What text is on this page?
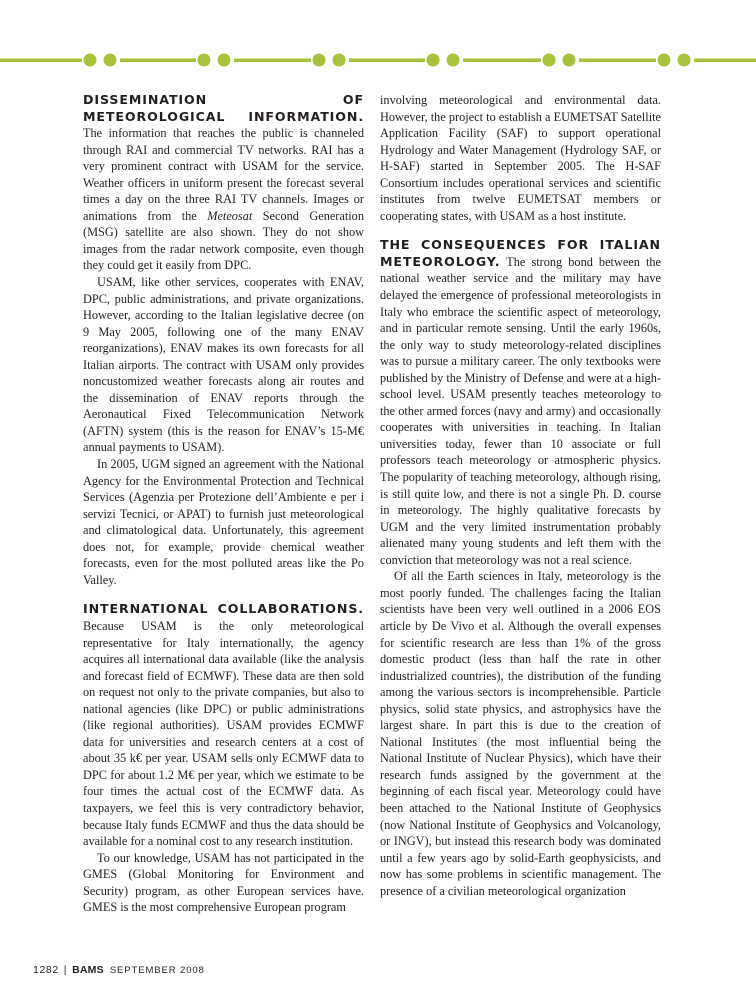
DISSEMINATION OF METEOROLOGICAL INFORMATION. The information that reaches the public is channeled through RAI and commercial TV networks. RAI has a very prominent contract with USAM for the service. Weather officers in uniform present the forecast several times a day on the three RAI TV channels. Images or animations from the Meteosat Second Generation (MSG) satellite are also shown. They do not show images from the radar network composite, even though they could get it easily from DPC.

USAM, like other services, cooperates with ENAV, DPC, public administrations, and private organizations. However, according to the Italian legislative decree (on 9 May 2005, following one of the many ENAV reorganizations), ENAV makes its own forecasts for all Italian airports. The contract with USAM only provides noncustomized weather forecasts along air routes and the dissemination of ENAV reports through the Aeronautical Fixed Telecommunication Network (AFTN) system (this is the reason for ENAV’s 15-M€ annual payments to USAM).

In 2005, UGM signed an agreement with the National Agency for the Environmental Protection and Technical Services (Agenzia per Protezione dell’Ambiente e per i servizi Tecnici, or APAT) to furnish just meteorological and climatological data. Unfortunately, this agreement does not, for example, provide chemical weather forecasts, even for the most polluted areas like the Po Valley.

INTERNATIONAL COLLABORATIONS. Because USAM is the only meteorological representative for Italy internationally, the agency acquires all international data available (like the analysis and forecast field of ECMWF). These data are then sold on request not only to the private companies, but also to national agencies (like DPC) or public administrations (like regional authorities). USAM provides ECMWF data for universities and research centers at a cost of about 35 k€ per year. USAM sells only ECMWF data to DPC for about 1.2 M€ per year, which we estimate to be four times the actual cost of the ECMWF data. As taxpayers, we feel this is very contradictory behavior, because Italy funds ECMWF and thus the data should be available for a nominal cost to any research institution.

To our knowledge, USAM has not participated in the GMES (Global Monitoring for Environment and Security) program, as other European services have. GMES is the most comprehensive European program

involving meteorological and environmental data. However, the project to establish a EUMETSAT Satellite Application Facility (SAF) to support operational Hydrology and Water Management (Hydrology SAF, or H-SAF) started in September 2005. The H-SAF Consortium includes operational services and scientific institutes from twelve EUMETSAT members or cooperating states, with USAM as a host institute.

THE CONSEQUENCES FOR ITALIAN METEOROLOGY. The strong bond between the national weather service and the military may have delayed the emergence of professional meteorologists in Italy who embrace the scientific aspect of meteorology, and in particular remote sensing. Until the early 1960s, the only way to study meteorology-related disciplines was to pursue a military career. The only textbooks were published by the Ministry of Defense and were at a high-school level. USAM presently teaches meteorology to the other armed forces (navy and army) and occasionally cooperates with universities in teaching. In Italian universities today, fewer than 10 associate or full professors teach meteorology or atmospheric physics. The popularity of teaching meteorology, although rising, is still quite low, and there is not a single Ph. D. course in meteorology. The highly qualitative forecasts by UGM and the very limited instrumentation probably alienated many young students and left them with the conviction that meteorology was not a real science.

Of all the Earth sciences in Italy, meteorology is the most poorly funded. The challenges facing the Italian scientists have been very well outlined in a 2006 EOS article by De Vivo et al. Although the overall expenses for scientific research are less than 1% of the gross domestic product (less than half the rate in other industrialized countries), the distribution of the funding among the various sectors is incomprehensible. Particle physics, solid state physics, and astrophysics have the largest share. In part this is due to the creation of National Institutes (the most influential being the National Institute of Nuclear Physics), which have their research funds assigned by the government at the beginning of each fiscal year. Meteorology could have been attached to the National Institute of Geophysics (now National Institute of Geophysics and Volcanology, or INGV), but instead this research body was dominated until a few years ago by solid-Earth geophysicists, and now has some problems in scientific management. The presence of a civilian meteorological organization

1282 | BAMS SEPTEMBER 2008
